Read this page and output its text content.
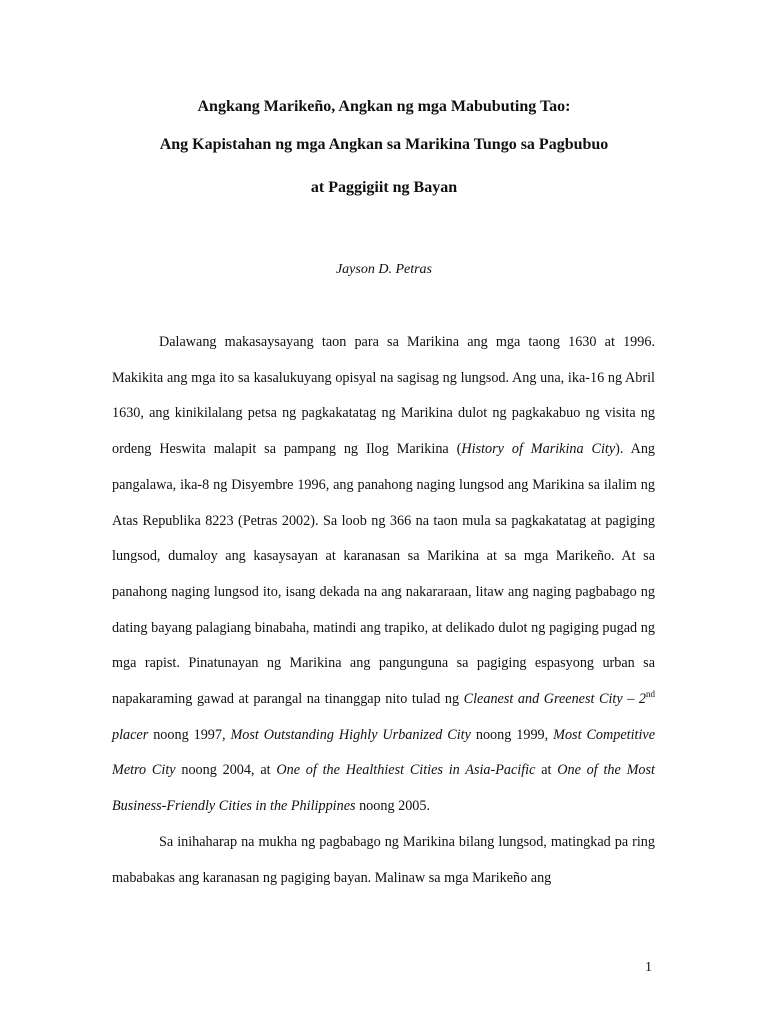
Angkang Marikeño, Angkan ng mga Mabubuting Tao:
Ang Kapistahan ng mga Angkan sa Marikina Tungo sa Pagbubuo
at Paggigiit ng Bayan

Jayson D. Petras

Dalawang makasaysayang taon para sa Marikina ang mga taong 1630 at 1996. Makikita ang mga ito sa kasalukuyang opisyal na sagisag ng lungsod. Ang una, ika-16 ng Abril 1630, ang kinikilalang petsa ng pagkakatatag ng Marikina dulot ng pagkakabuo ng visita ng ordeng Heswita malapit sa pampang ng Ilog Marikina (History of Marikina City). Ang pangalawa, ika-8 ng Disyembre 1996, ang panahong naging lungsod ang Marikina sa ilalim ng Atas Republika 8223 (Petras 2002). Sa loob ng 366 na taon mula sa pagkakatatag at pagiging lungsod, dumaloy ang kasaysayan at karanasan sa Marikina at sa mga Marikeño. At sa panahong naging lungsod ito, isang dekada na ang nakararaan, litaw ang naging pagbabago ng dating bayang palagiang binabaha, matindi ang trapiko, at delikado dulot ng pagiging pugad ng mga rapist. Pinatunayan ng Marikina ang pangunguna sa pagiging espasyong urban sa napakaraming gawad at parangal na tinanggap nito tulad ng Cleanest and Greenest City – 2nd placer noong 1997, Most Outstanding Highly Urbanized City noong 1999, Most Competitive Metro City noong 2004, at One of the Healthiest Cities in Asia-Pacific at One of the Most Business-Friendly Cities in the Philippines noong 2005.

Sa inihaharap na mukha ng pagbabago ng Marikina bilang lungsod, matingkad pa ring mababakas ang karanasan ng pagiging bayan. Malinaw sa mga Marikeño ang

1
